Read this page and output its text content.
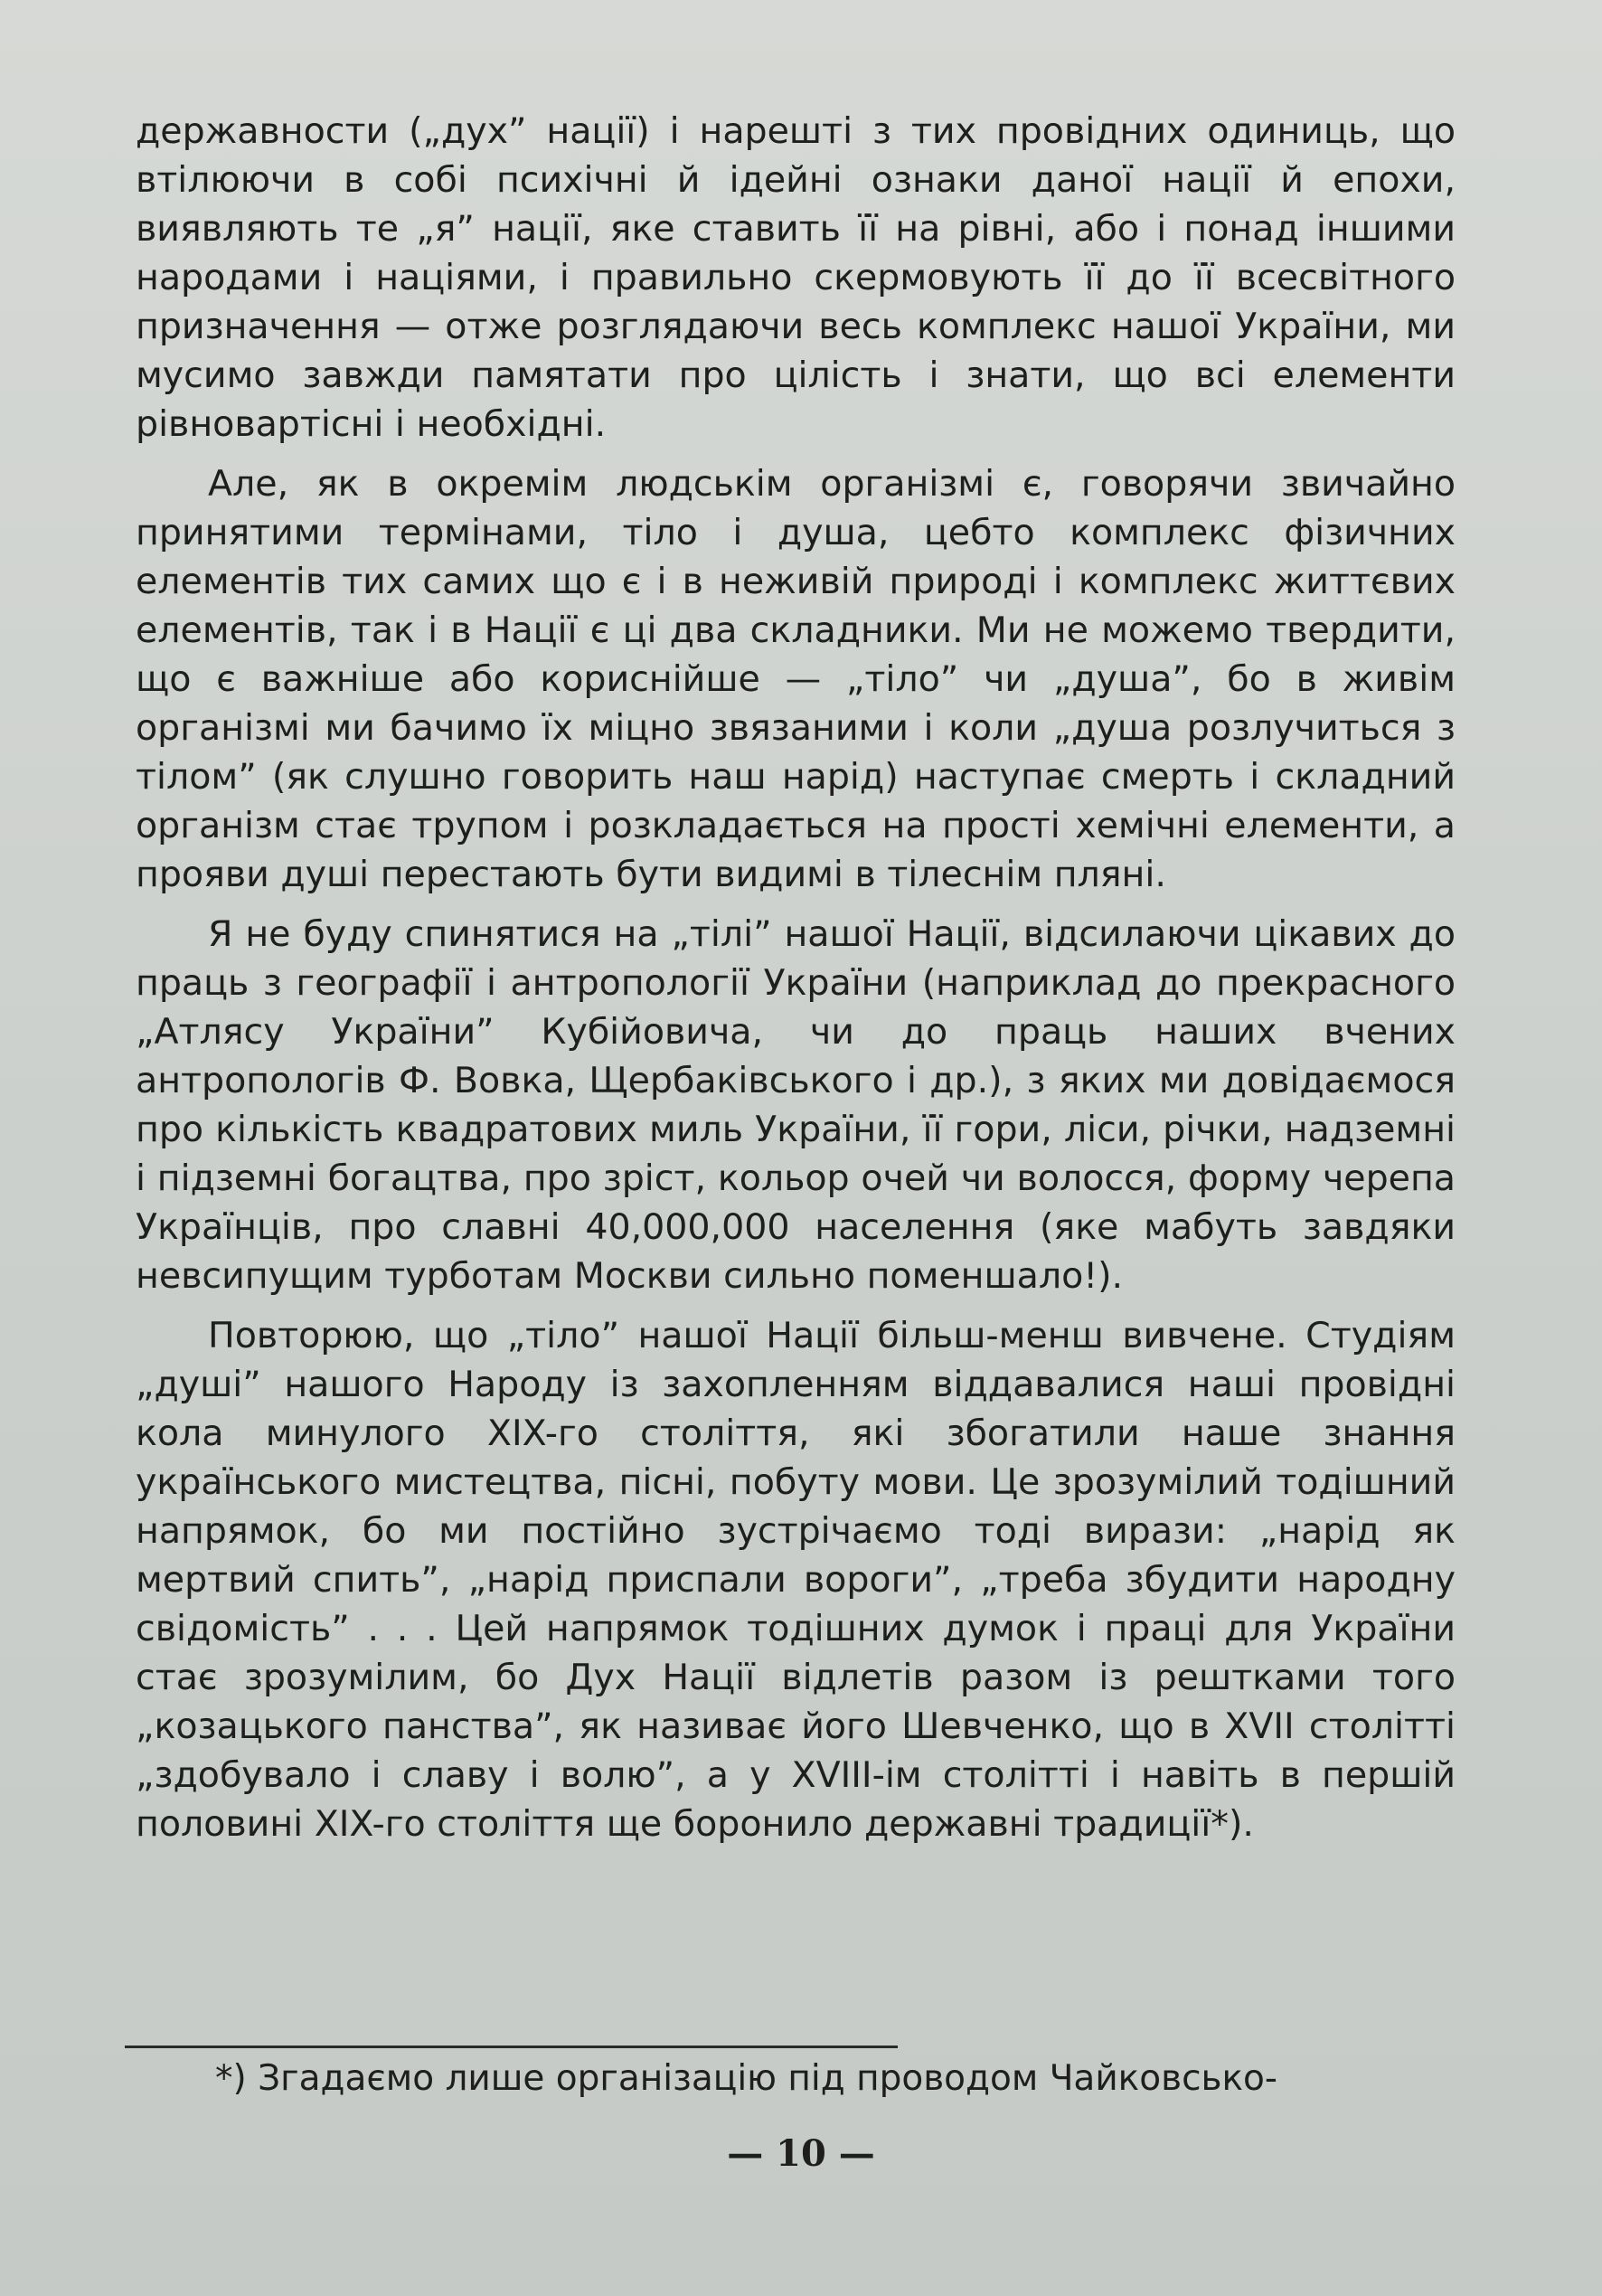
державности („дух” нації) і нарешті з тих провідних одиниць, що втілюючи в собі психічні й ідейні ознаки даної нації й епохи, виявляють те „я” нації, яке ставить її на рівні, або і понад іншими народами і націями, і правильно скермовують її до її всесвітного призначення — отже розглядаючи весь комплекс нашої України, ми мусимо завжди памятати про цілість і знати, що всі елементи рівновартісні і необхідні.

Але, як в окремім людськім організмі є, говорячи звичайно принятими термінами, тіло і душа, цебто комплекс фізичних елементів тих самих що є і в неживій природі і комплекс життєвих елементів, так і в Нації є ці два складники. Ми не можемо твердити, що є важніше або кориснійше — „тіло” чи „душа”, бо в живім організмі ми бачимо їх міцно звязаними і коли „душа розлучиться з тілом” (як слушно говорить наш нарід) наступає смерть і складний організм стає трупом і розкладається на прості хемічні елементи, а прояви душі перестають бути видимі в тілеснім пляні.

Я не буду спинятися на „тілі” нашої Нації, відсилаючи цікавих до праць з географії і антропології України (наприклад до прекрасного „Атлясу України” Кубійовича, чи до праць наших вчених антропологів Ф. Вовка, Щербаківського і др.), з яких ми довідаємося про кількість квадратових миль України, її гори, ліси, річки, надземні і підземні богацтва, про зріст, кольор очей чи волосся, форму черепа Українців, про славні 40,000,000 населення (яке мабуть завдяки невсипущим турботам Москви сильно поменшало!).

Повторюю, що „тіло” нашої Нації більш-менш вивчене. Студіям „душі” нашого Народу із захопленням віддавалися наші провідні кола минулого XIX-го століття, які збогатили наше знання українського мистецтва, пісні, побуту мови. Це зрозумілий тодішний напрямок, бо ми постійно зустрічаємо тоді вирази: „нарід як мертвий спить”, „нарід приспали вороги”, „треба збудити народну свідомість” . . . Цей напрямок тодішних думок і праці для України стає зрозумілим, бо Дух Нації відлетів разом із рештками того „козацького панства”, як називає його Шевченко, що в XVII столітті „здобувало і славу і волю”, а у XVIII-ім столітті і навіть в першій половині XIX-го століття ще боронило державні традиції*).

*) Згадаємо лише організацію під проводом Чайковсько-
— 10 —
